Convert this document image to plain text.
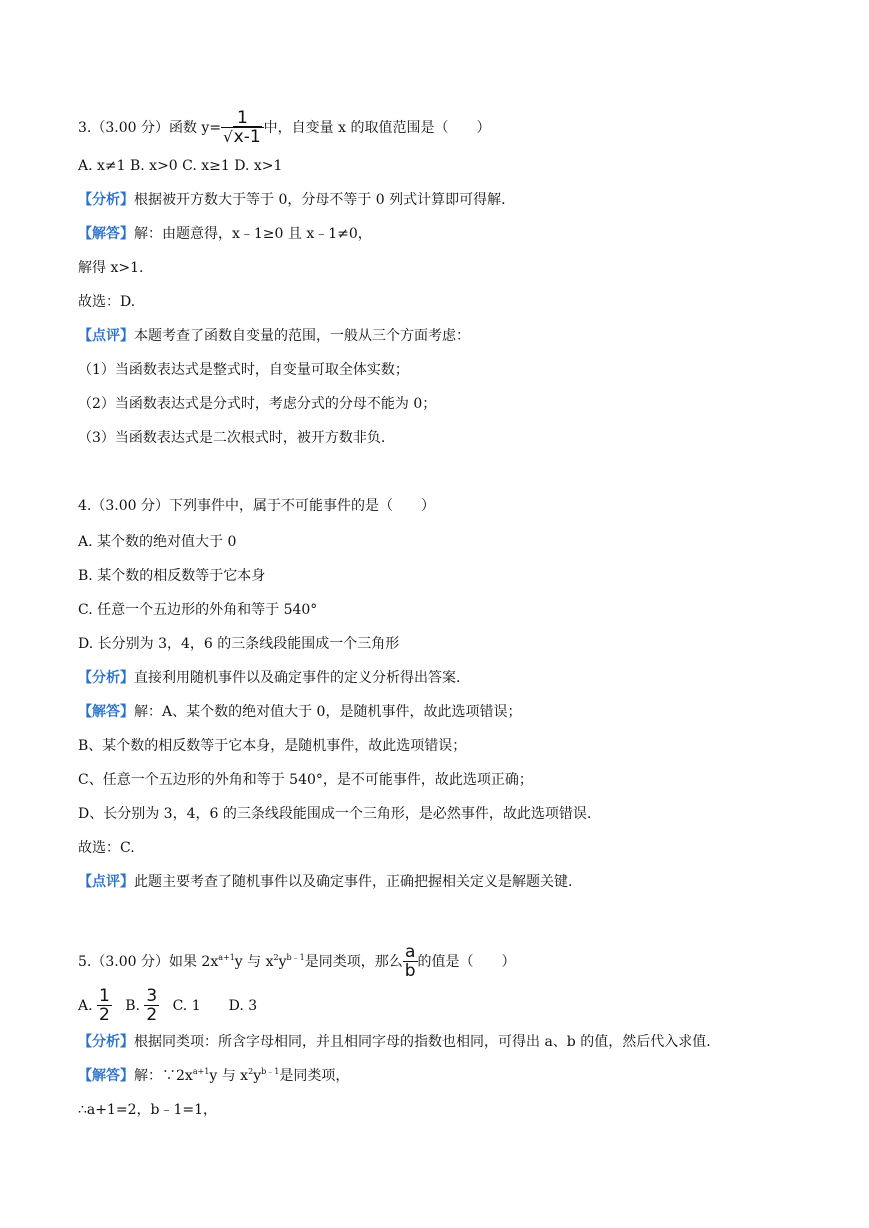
3.（3.00 分）函数 $y= \frac{1}{√x-1}$ 中，自变量 x 的取值范围是（　　）
A. x≠1 B. x>0 C. x≥1 D. x>1
【分析】根据被开方数大于等于 0，分母不等于 0 列式计算即可得解.
【解答】解：由题意得，x﹣1≥0 且 x﹣1≠0，
解得 x>1.
故选：D.
【点评】本题考查了函数自变量的范围，一般从三个方面考虑：
（1）当函数表达式是整式时，自变量可取全体实数；
（2）当函数表达式是分式时，考虑分式的分母不能为 0；
（3）当函数表达式是二次根式时，被开方数非负.
4.（3.00 分）下列事件中，属于不可能事件的是（　　）
A. 某个数的绝对值大于 0
B. 某个数的相反数等于它本身
C. 任意一个五边形的外角和等于 540°
D. 长分别为 3，4，6 的三条线段能围成一个三角形
【分析】直接利用随机事件以及确定事件的定义分析得出答案.
【解答】解：A、某个数的绝对值大于 0，是随机事件，故此选项错误；
B、某个数的相反数等于它本身，是随机事件，故此选项错误；
C、任意一个五边形的外角和等于 540°，是不可能事件，故此选项正确；
D、长分别为 3，4，6 的三条线段能围成一个三角形，是必然事件，故此选项错误.
故选：C.
【点评】此题主要考查了随机事件以及确定事件，正确把握相关定义是解题关键.
5.（3.00 分）如果 $2x^{a+1}y$ 与 $x^2y^{b﹣1}$是同类项，那么 $\frac{a}{b}$ 的值是（　　）
A. $\frac{1}{2} B$. $\frac{3}{2} C$. 1　　D. 3
【分析】根据同类项：所含字母相同，并且相同字母的指数也相同，可得出 a、b 的值，然后代入求值.
【解答】解：$\because 2x^{a+1}y$ 与 $x^2y^{b﹣1}$是同类项，
∴a+1=2，b﹣1=1，
